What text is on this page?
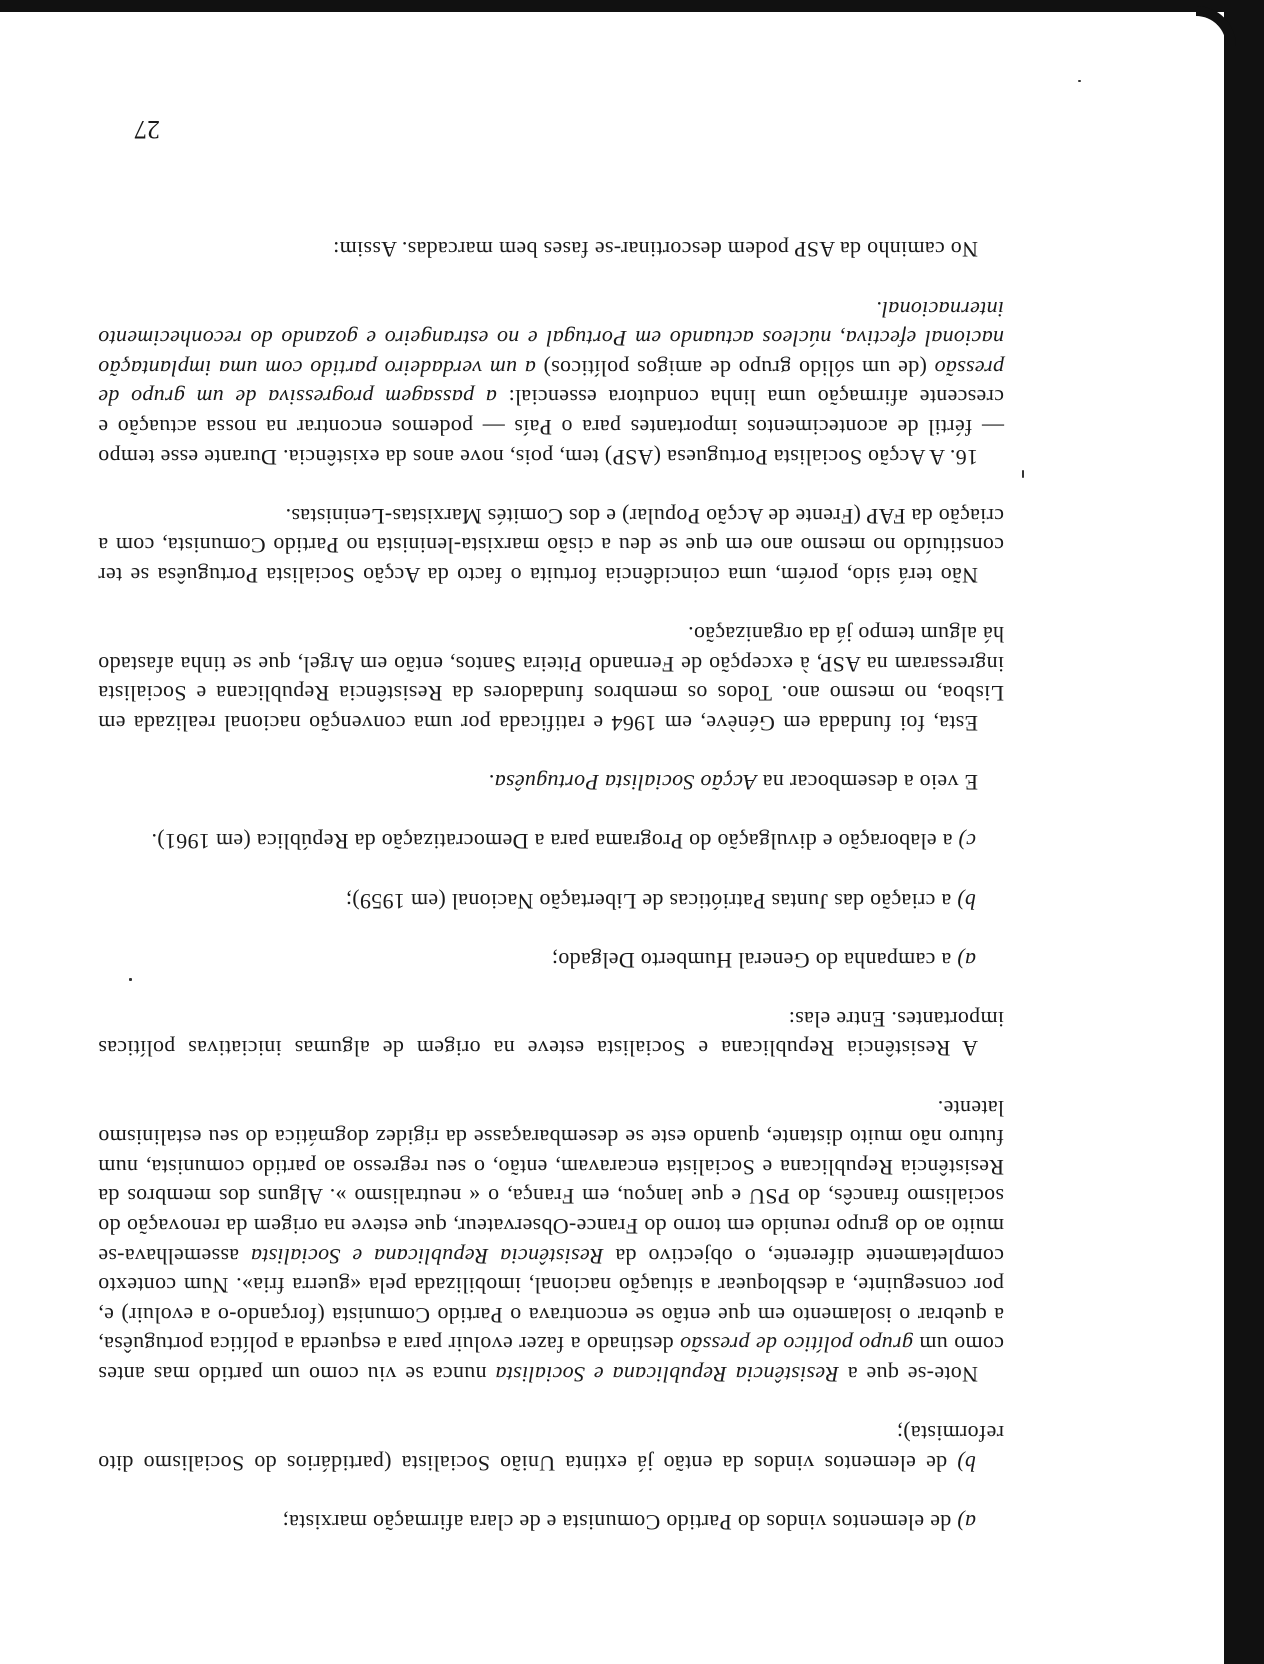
a) de elementos vindos do Partido Comunista e de clara afirmação marxista;

b) de elementos vindos da então já extinta União Socialista (partidários do Socialismo dito reformista);

Note-se que a Resistência Republicana e Socialista nunca se viu como um partido mas antes como um grupo político de pressão destinado a fazer evoluir para a esquerda a política portuguêsa, a quebrar o isolamento em que então se encontrava o Partido Comunista (forçando-o a evoluir) e, por conseguinte, a desbloquear a situação nacional, imobilizada pela «guerra fria». Num contexto completamente diferente, o objectivo da Resistência Republicana e Socialista assemelhava-se muito ao do grupo reunido em torno do France-Observateur, que esteve na origem da renovação do socialismo francês, do PSU e que lançou, em França, o « neutralismo ». Alguns dos membros da Resistência Republicana e Socialista encaravam, então, o seu regresso ao partido comunista, num futuro não muito distante, quando este se desembaraçasse da rigidez dogmática do seu estalinismo latente.

A Resistência Republicana e Socialista esteve na origem de algumas iniciativas políticas importantes. Entre elas:

a) a campanha do General Humberto Delgado;

b) a criação das Juntas Patrióticas de Libertação Nacional (em 1959);

c) a elaboração e divulgação do Programa para a Democratização da República (em 1961).

E veio a desembocar na Acção Socialista Portuguêsa.

Esta, foi fundada em Génève, em 1964 e ratificada por uma convenção nacional realizada em Lisboa, no mesmo ano. Todos os membros fundadores da Resistência Republicana e Socialista ingressaram na ASP, à excepção de Fernando Piteira Santos, então em Argel, que se tinha afastado há algum tempo já da organização.

Não terá sido, porém, uma coincidência fortuita o facto da Acção Socialista Portuguêsa se ter constituído no mesmo ano em que se deu a cisão marxista-leninista no Partido Comunista, com a criação da FAP (Frente de Acção Popular) e dos Comités Marxistas-Leninistas.

16. A Acção Socialista Portuguesa (ASP) tem, pois, nove anos da existência. Durante esse tempo — fértil de acontecimentos importantes para o País — podemos encontrar na nossa actuação e crescente afirmação uma linha condutora essencial: a passagem progressiva de um grupo de pressão (de um sólido grupo de amigos políticos) a um verdadeiro partido com uma implantação nacional efectiva, núcleos actuando em Portugal e no estrangeiro e gozando do reconhecimento internacional.

No caminho da ASP podem descortinar-se fases bem marcadas. Assim:

27
